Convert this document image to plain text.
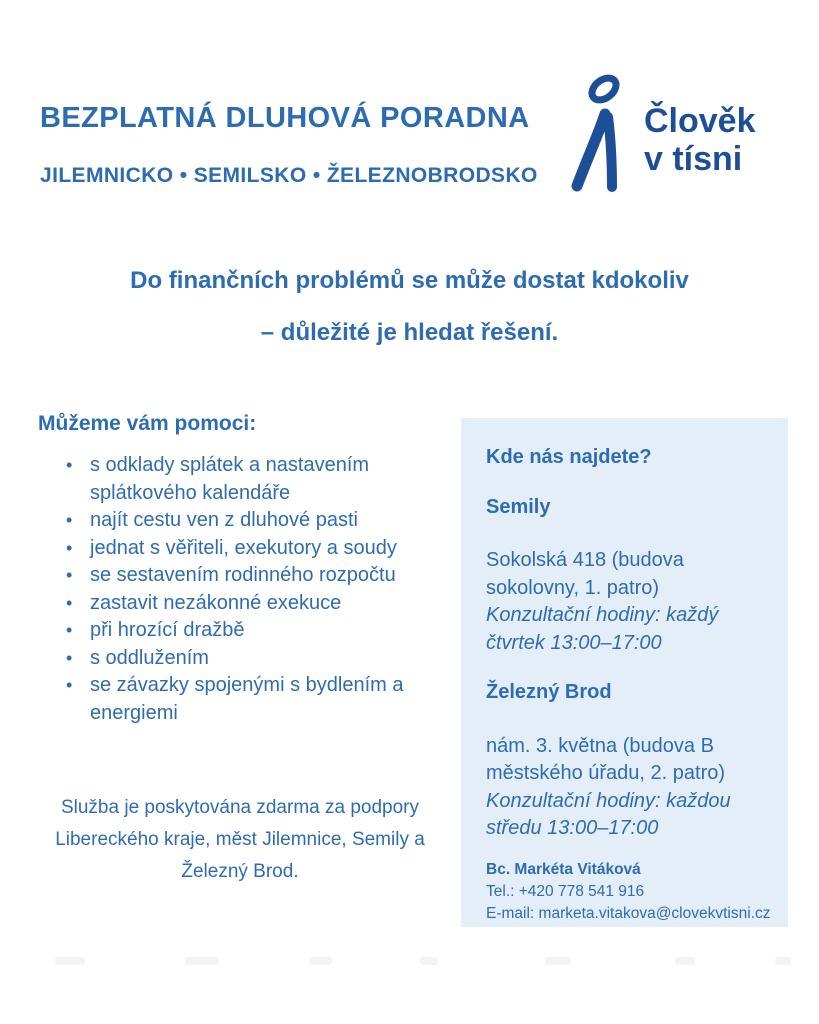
BEZPLATNÁ DLUHOVÁ PORADNA
JILEMNICKO • SEMILSKO • ŽELEZNOBRODSKO
Člověk
v tísni
Do finančních problémů se může dostat kdokoliv
– důležité je hledat řešení.
Můžeme vám pomoci:
• s odklady splátek a nastavením splátkového kalendáře
• najít cestu ven z dluhové pasti
• jednat s věřiteli, exekutory a soudy
• se sestavením rodinného rozpočtu
• zastavit nezákonné exekuce
• při hrozící dražbě
• s oddlužením
• se závazky spojenými s bydlením a energiemi
Služba je poskytována zdarma za podpory Libereckého kraje, měst Jilemnice, Semily a Železný Brod.
Kde nás najdete?
Semily
Sokolská 418 (budova sokolovny, 1. patro)
Konzultační hodiny: každý čtvrtek 13:00–17:00
Železný Brod
nám. 3. května (budova B městského úřadu, 2. patro)
Konzultační hodiny: každou středu 13:00–17:00
Bc. Markéta Vitáková
Tel.: +420 778 541 916
E-mail: marketa.vitakova@clovekvtisni.cz
